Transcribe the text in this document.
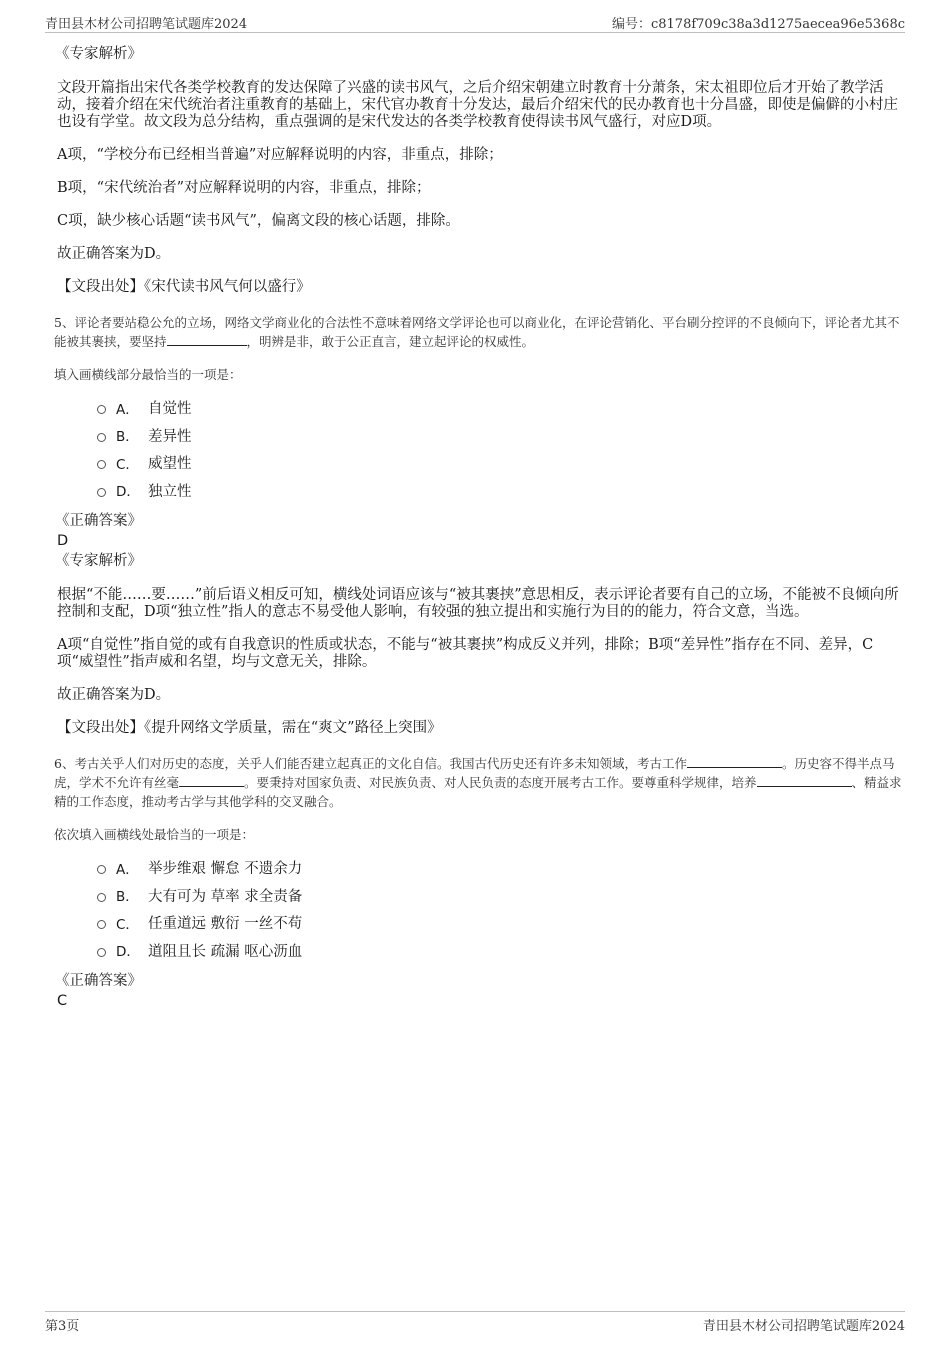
青田县木材公司招聘笔试题库2024	编号：c8178f709c38a3d1275aecea96e5368c

《专家解析》

文段开篇指出宋代各类学校教育的发达保障了兴盛的读书风气，之后介绍宋朝建立时教育十分萧条，宋太祖即位后才开始了教学活动，接着介绍在宋代统治者注重教育的基础上，宋代官办教育十分发达，最后介绍宋代的民办教育也十分昌盛，即使是偏僻的小村庄也设有学堂。故文段为总分结构，重点强调的是宋代发达的各类学校教育使得读书风气盛行，对应D项。

A项，“学校分布已经相当普遍”对应解释说明的内容，非重点，排除；

B项，“宋代统治者”对应解释说明的内容，非重点，排除；

C项，缺少核心话题“读书风气”，偏离文段的核心话题，排除。

故正确答案为D。

【文段出处】《宋代读书风气何以盛行》

5、评论者要站稳公允的立场，网络文学商业化的合法性不意味着网络文学评论也可以商业化，在评论营销化、平台刷分控评的不良倾向下，评论者尤其不能被其裹挟，要坚持	，明辨是非，敢于公正直言，建立起评论的权威性。

填入画横线部分最恰当的一项是：

A． 自觉性
B． 差异性
C． 威望性
D． 独立性

《正确答案》

D

《专家解析》

根据“不能……要……”前后语义相反可知，横线处词语应该与“被其裹挟”意思相反，表示评论者要有自己的立场，不能被不良倾向所控制和支配，D项“独立性”指人的意志不易受他人影响，有较强的独立提出和实施行为目的的能力，符合文意，当选。

A项“自觉性”指自觉的或有自我意识的性质或状态，不能与“被其裹挟”构成反义并列，排除；B项“差异性”指存在不同、差异，C项“威望性”指声威和名望，均与文意无关，排除。

故正确答案为D。

【文段出处】《提升网络文学质量，需在“爽文”路径上突围》

6、考古关乎人们对历史的态度，关乎人们能否建立起真正的文化自信。我国古代历史还有许多未知领域，考古工作	。历史容不得半点马虎，学术不允许有丝毫	。要秉持对国家负责、对民族负责、对人民负责的态度开展考古工作。要尊重科学规律，培养	、精益求精的工作态度，推动考古学与其他学科的交叉融合。

依次填入画横线处最恰当的一项是：

A． 举步维艰 懈怠 不遗余力
B． 大有可为 草率 求全责备
C． 任重道远 敷衍 一丝不苟
D． 道阻且长 疏漏 呕心沥血

《正确答案》

C

第3页	青田县木材公司招聘笔试题库2024
